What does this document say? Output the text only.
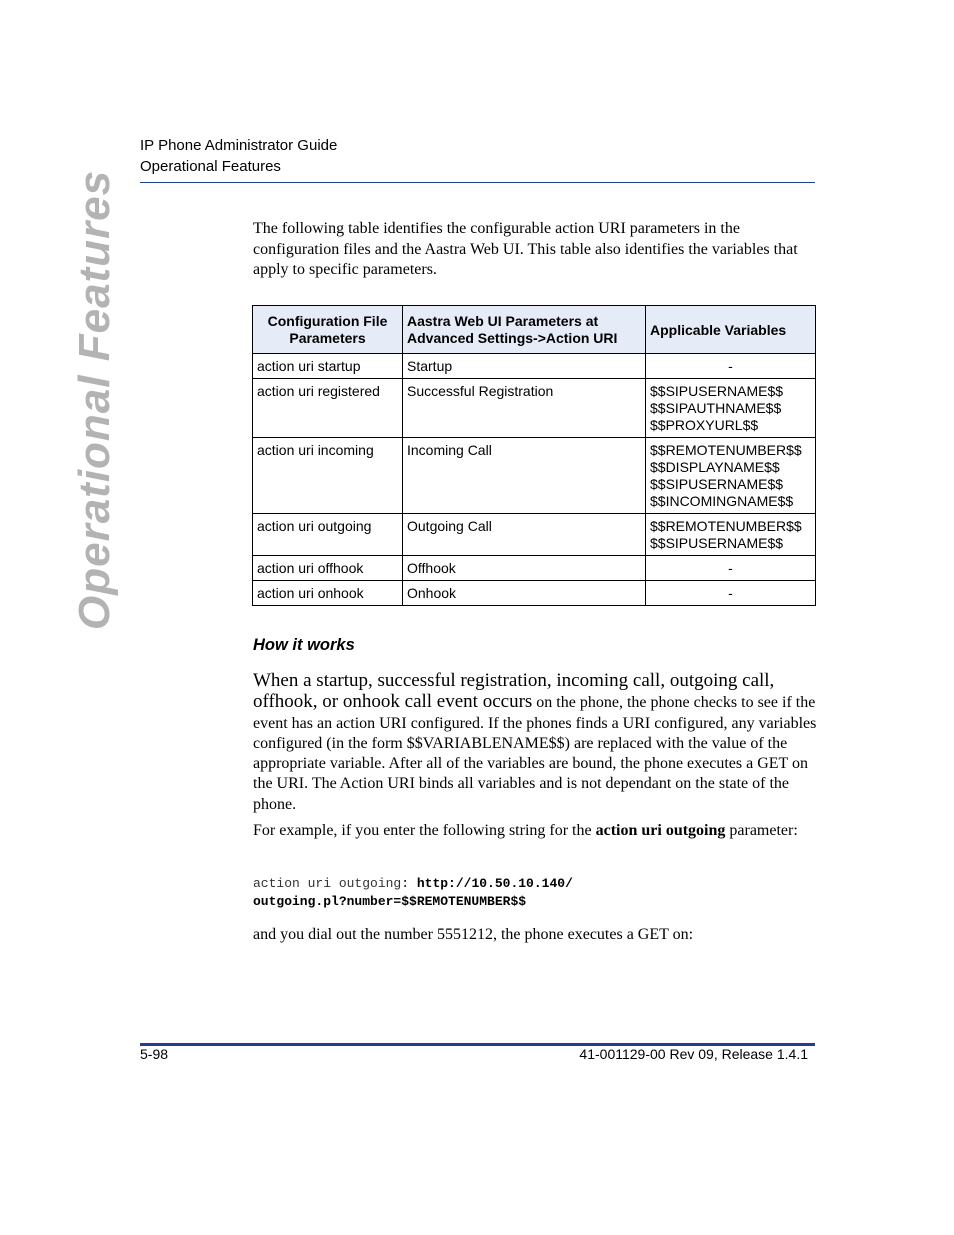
IP Phone Administrator Guide
Operational Features
Operational Features	The following table identifies the configurable action URI parameters in the configuration files and the Aastra Web UI. This table also identifies the variables that apply to specific parameters.
Configuration File Parameters	Aastra Web UI Parameters at Advanced Settings->Action URI	Applicable Variables
action uri startup	Startup	-
action uri registered	Successful Registration	$$SIPUSERNAME$$
$$SIPAUTHNAME$$
$$PROXYURL$$

action uri incoming	Incoming Call	$$REMOTENUMBER$$
$$DISPLAYNAME$$
$$SIPUSERNAME$$
$$INCOMINGNAME$$

action uri outgoing	Outgoing Call	$$REMOTENUMBER$$
$$SIPUSERNAME$$

action uri offhook	Offhook	-
action uri onhook	Onhook	-
How it works
When a startup, successful registration, incoming call, outgoing call, offhook, or onhook call event occurs on the phone, the phone checks to see if the event has an action URI configured. If the phones finds a URI configured, any variables configured (in the form $$VARIABLENAME$$) are replaced with the value of the appropriate variable. After all of the variables are bound, the phone executes a GET on the URI. The Action URI binds all variables and is not dependant on the state of the phone.
For example, if you enter the following string for the action uri outgoing parameter:
action uri outgoing: http://10.50.10.140/
outgoing.pl?number=$$REMOTENUMBER$$
and you dial out the number 5551212, the phone executes a GET on:
5-98	41-001129-00 Rev 09, Release 1.4.1
